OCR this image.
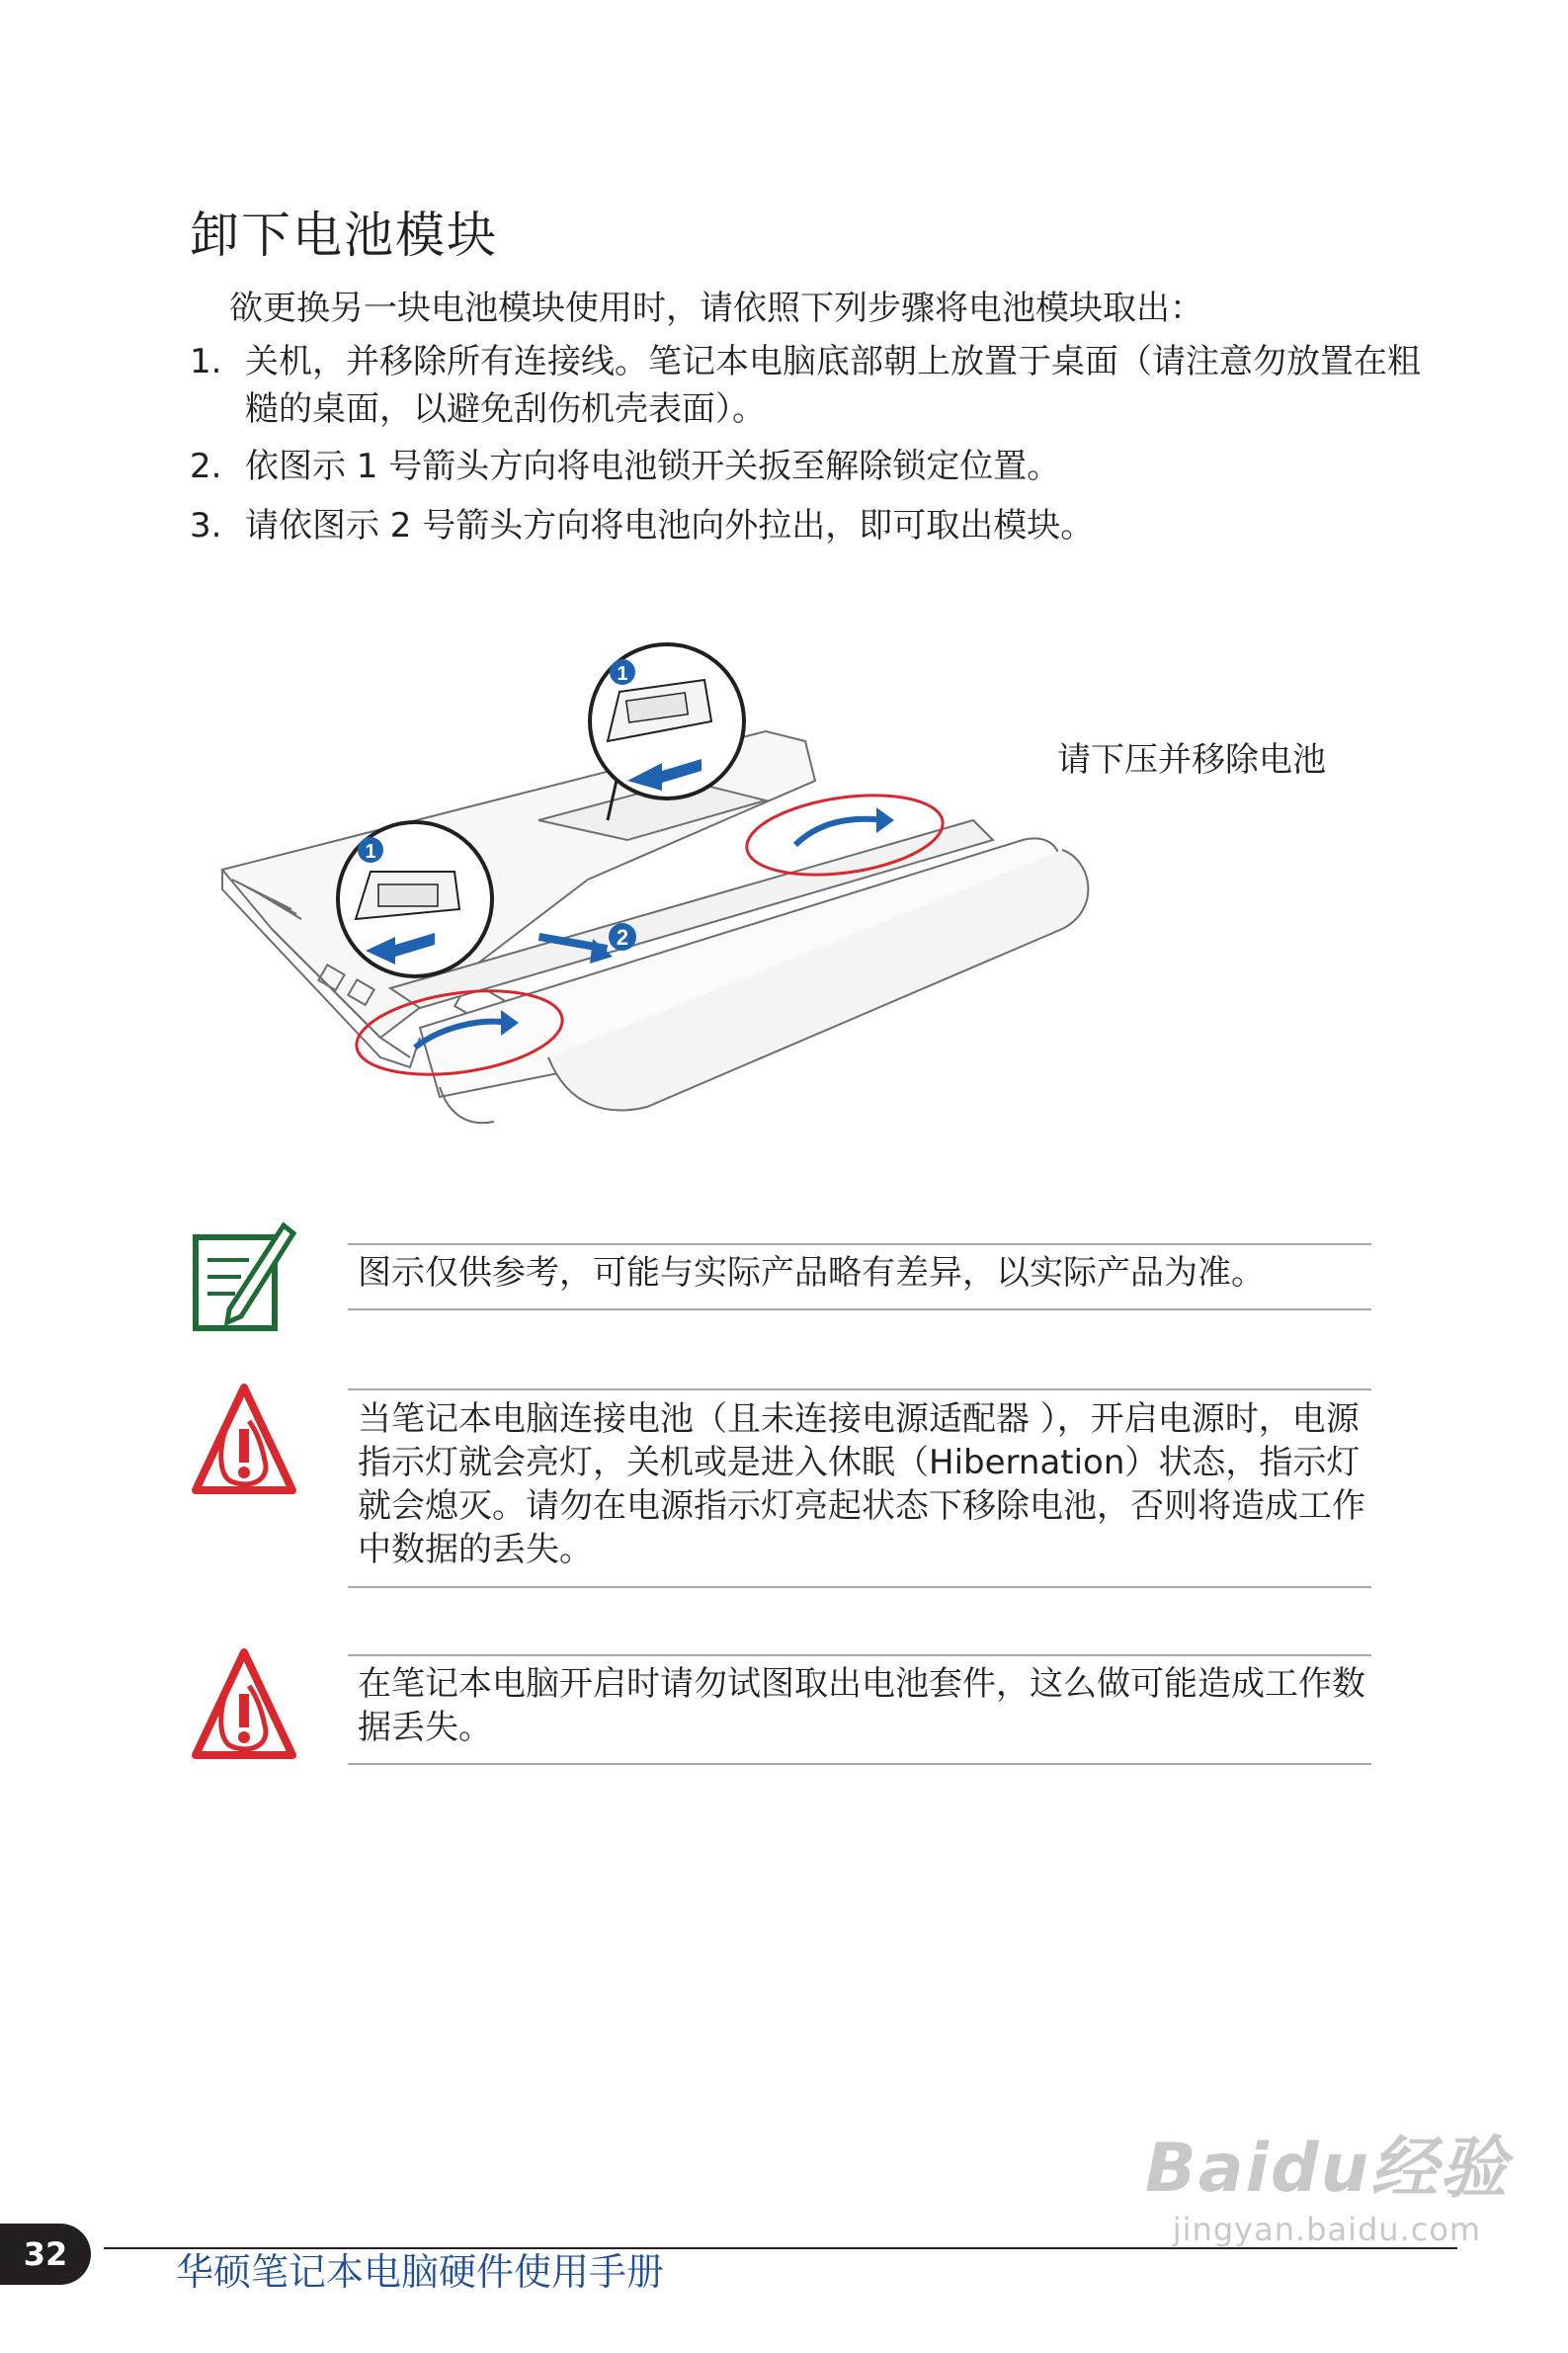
卸下电池模块
欲更换另一块电池模块使用时，请依照下列步骤将电池模块取出：
1. 关机，并移除所有连接线。笔记本电脑底部朝上放置于桌面（请注意勿放置在粗糙的桌面，以避免刮伤机壳表面）。
2. 依图示 1 号箭头方向将电池锁开关扳至解除锁定位置。
3. 请依图示 2 号箭头方向将电池向外拉出，即可取出模块。
2
1
1
请下压并移除电池
图示仅供参考，可能与实际产品略有差异，以实际产品为准。
当笔记本电脑连接电池（且未连接电源适配器 ），开启电源时，电源指示灯就会亮灯，关机或是进入休眠（Hibernation）状态，指示灯就会熄灭。请勿在电源指示灯亮起状态下移除电池，否则将造成工作中数据的丢失。
在笔记本电脑开启时请勿试图取出电池套件，这么做可能造成工作数据丢失。
32	华硕笔记本电脑硬件使用手册
Baidu经验
jingyan.baidu.com
